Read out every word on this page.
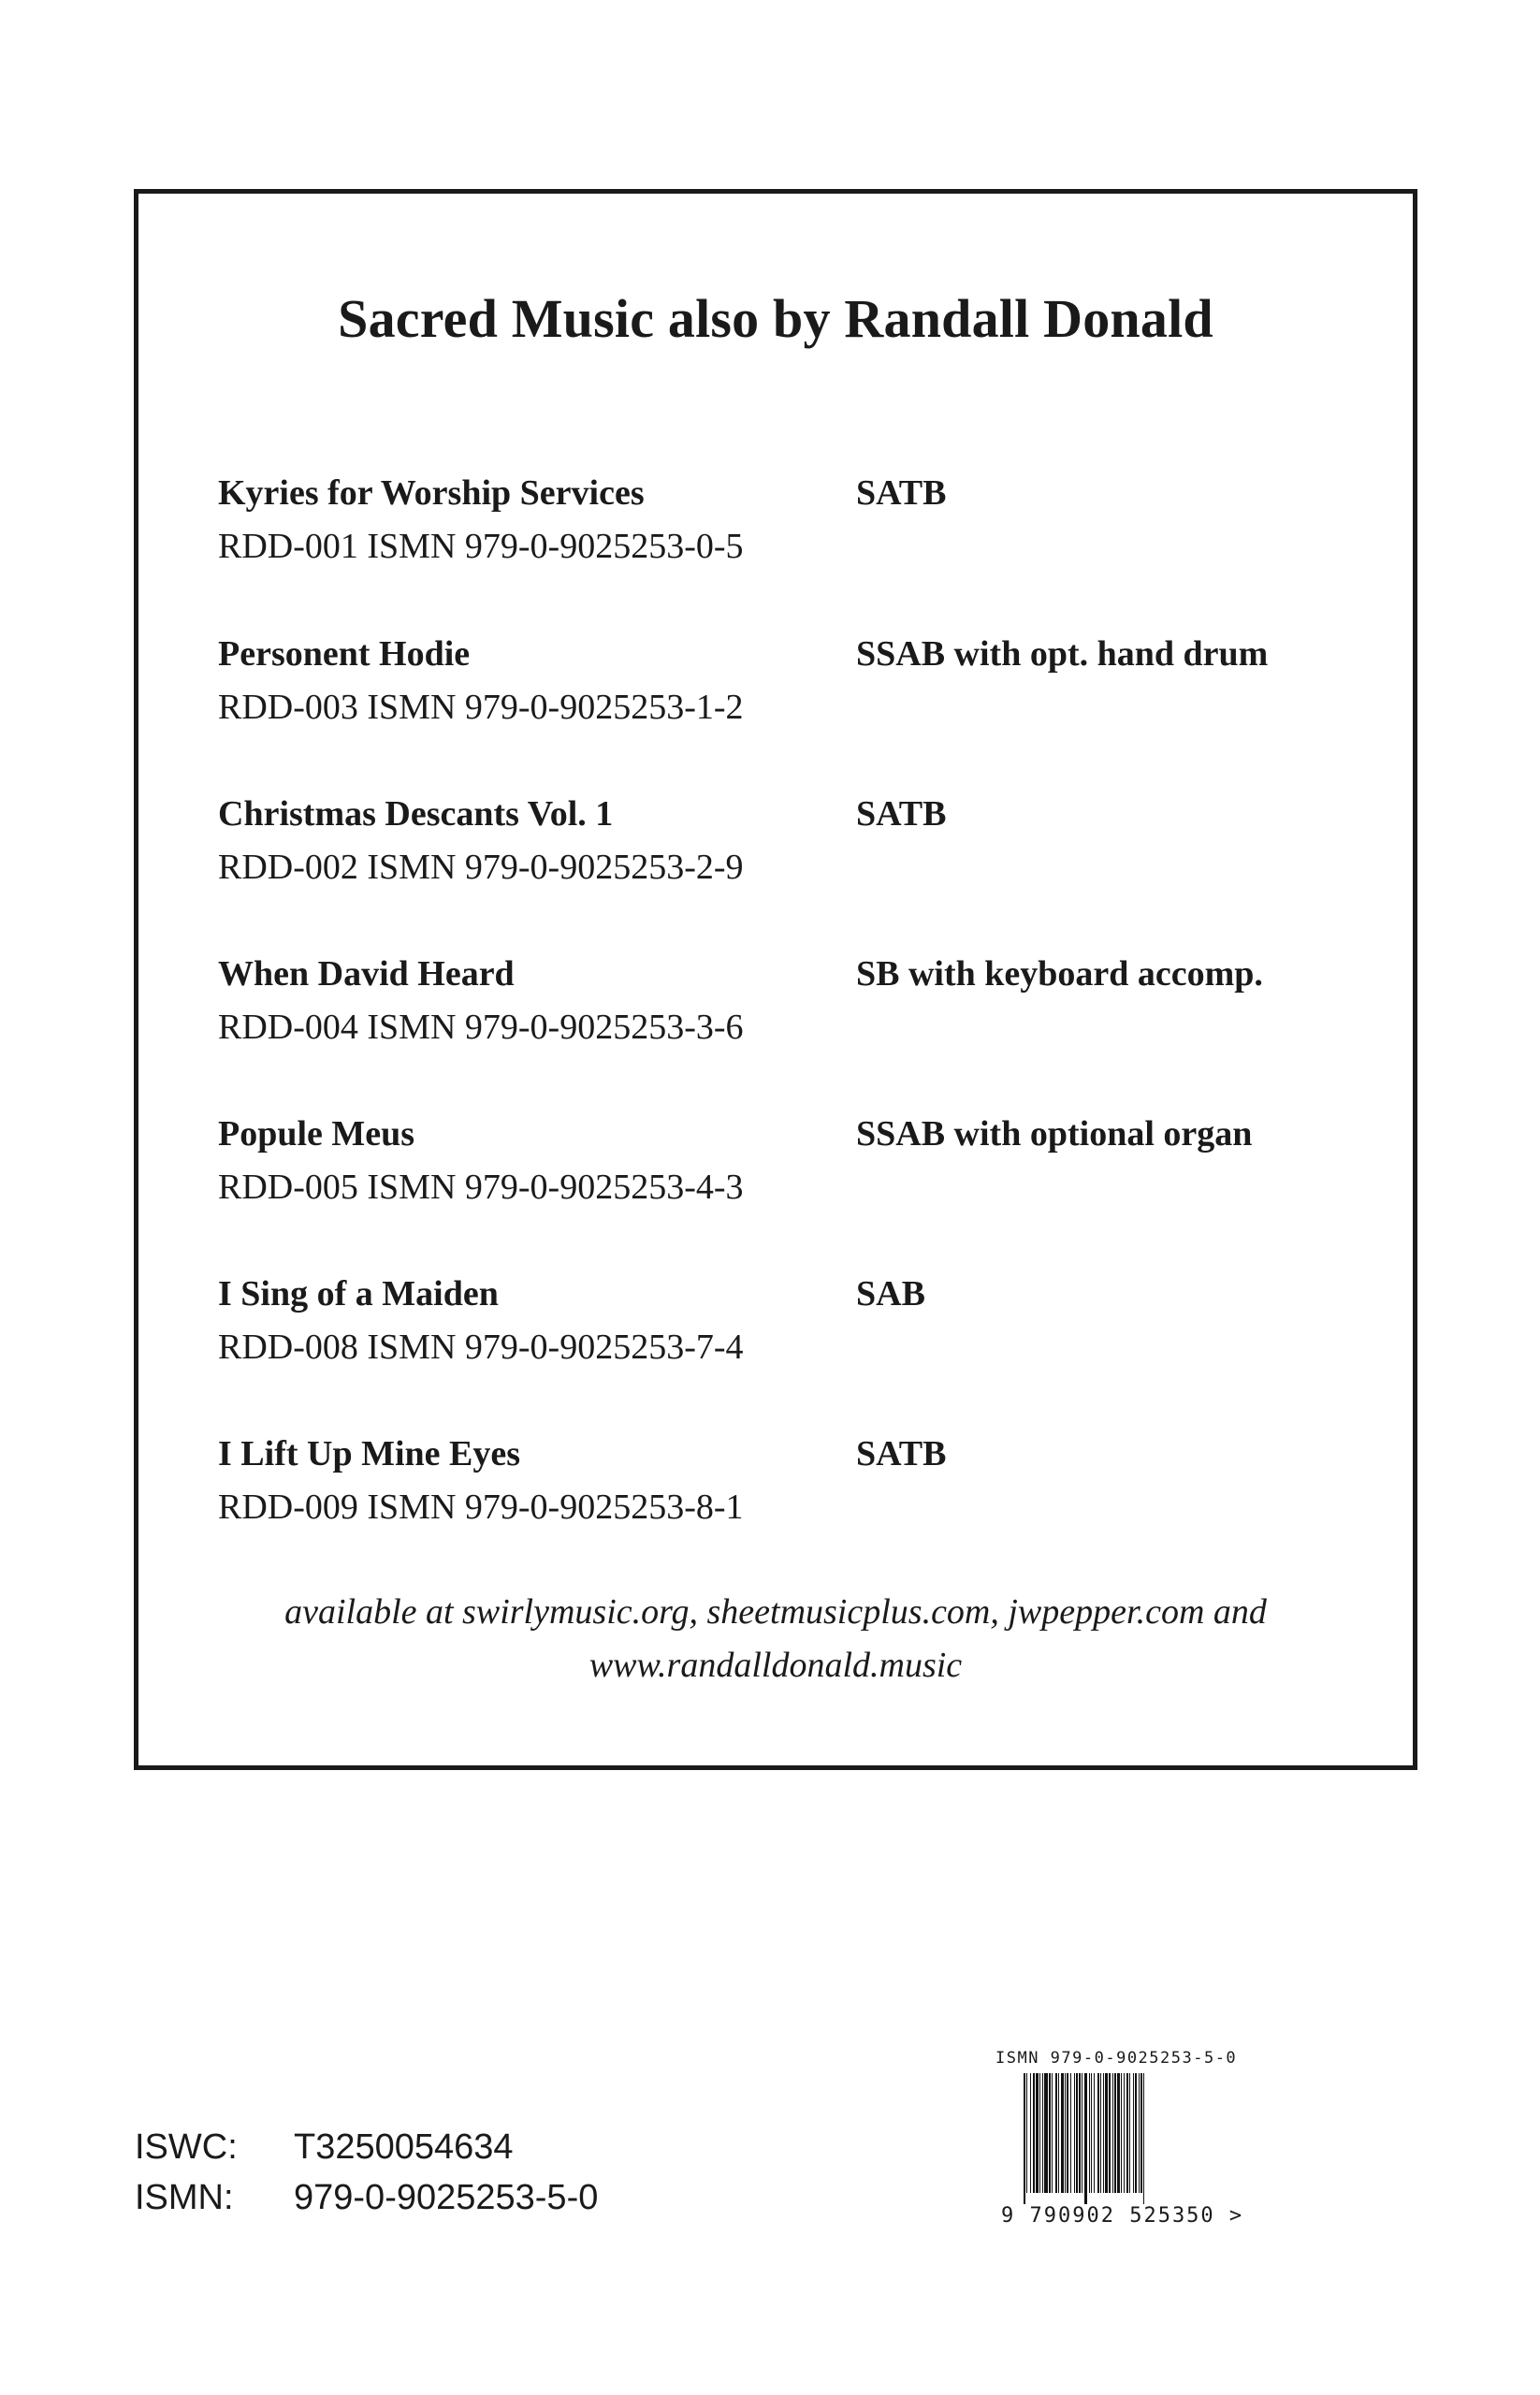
Sacred Music also by Randall Donald
Kyries for Worship Services	SATB
RDD-001 ISMN 979-0-9025253-0-5
Personent Hodie	SSAB with opt. hand drum
RDD-003 ISMN 979-0-9025253-1-2
Christmas Descants Vol. 1	SATB
RDD-002 ISMN 979-0-9025253-2-9
When David Heard	SB with keyboard accomp.
RDD-004 ISMN 979-0-9025253-3-6
Popule Meus	SSAB with optional organ
RDD-005 ISMN 979-0-9025253-4-3
I Sing of a Maiden	SAB
RDD-008 ISMN 979-0-9025253-7-4
I Lift Up Mine Eyes	SATB
RDD-009 ISMN 979-0-9025253-8-1
available at swirlymusic.org, sheetmusicplus.com, jwpepper.com and
www.randalldonald.music
ISWC:	T3250054634
ISMN:	979-0-9025253-5-0
ISMN 979-0-9025253-5-0
9 790902 525350 >
